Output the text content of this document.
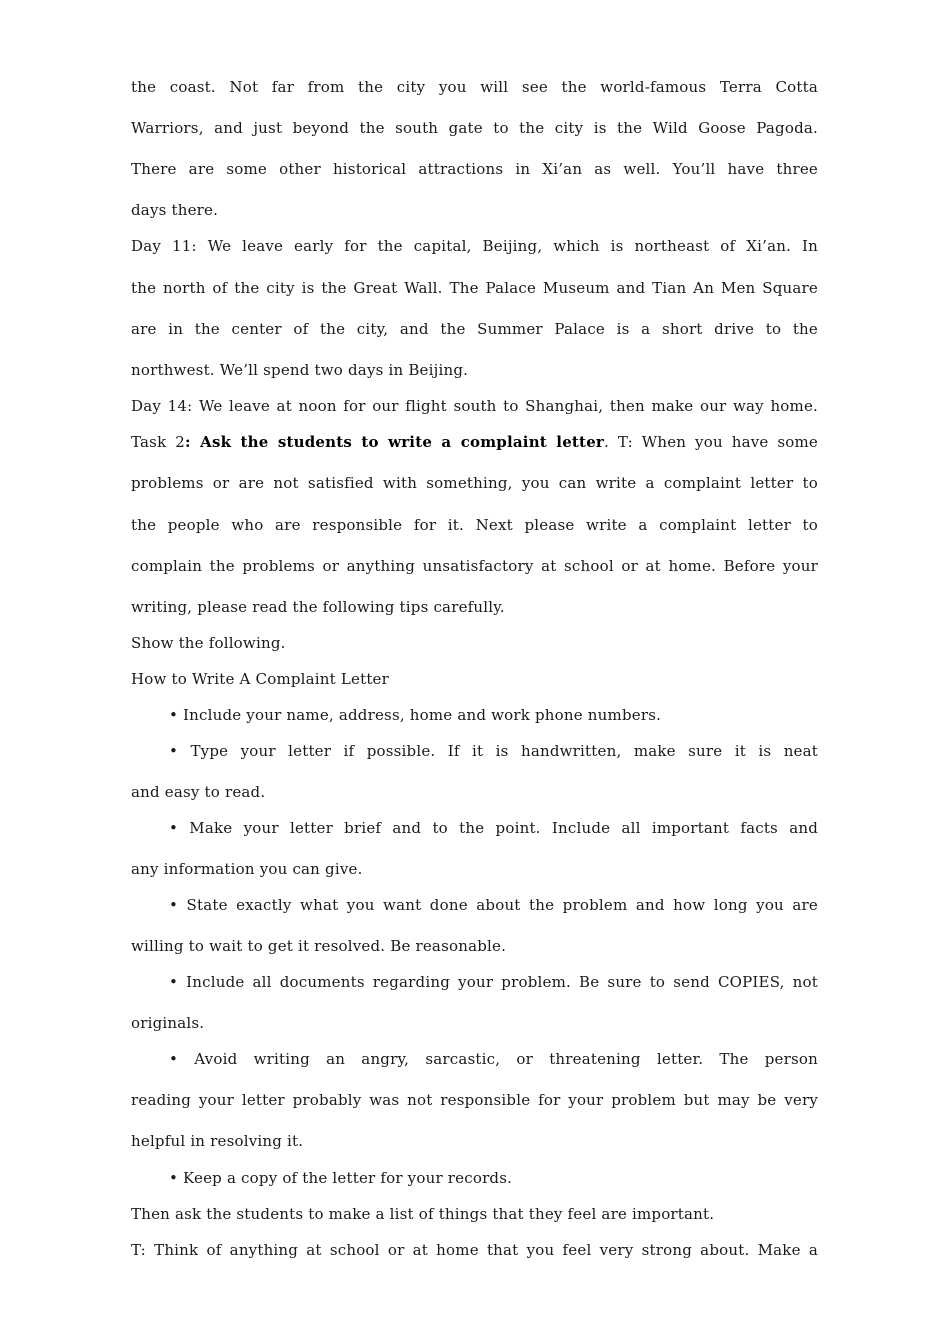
the coast. Not far from the city you will see the world-famous Terra Cotta
Warriors, and just beyond the south gate to the city is the Wild Goose Pagoda.
There are some other historical attractions in Xi’an as well. You’ll have three
days there.
Day 11: We leave early for the capital, Beijing, which is northeast of Xi’an. In
the north of the city is the Great Wall. The Palace Museum and Tian An Men Square
are in the center of the city, and the Summer Palace is a short drive to the
northwest. We’ll spend two days in Beijing.
Day 14: We leave at noon for our flight south to Shanghai, then make our way home.
Task 2: Ask the students to write a complaint letter. T: When you have some
problems or are not satisfied with something, you can write a complaint letter to
the people who are responsible for it. Next please write a complaint letter to
complain the problems or anything unsatisfactory at school or at home. Before your
writing, please read the following tips carefully.
Show the following.
How to Write A Complaint Letter
• Include your name, address, home and work phone numbers.
• Type your letter if possible. If it is handwritten, make sure it is neat
and easy to read.
• Make your letter brief and to the point. Include all important facts and
any information you can give.
• State exactly what you want done about the problem and how long you are
willing to wait to get it resolved. Be reasonable.
• Include all documents regarding your problem. Be sure to send COPIES, not
originals.
• Avoid writing an angry, sarcastic, or threatening letter. The person
reading your letter probably was not responsible for your problem but may be very
helpful in resolving it.
• Keep a copy of the letter for your records.
Then ask the students to make a list of things that they feel are important.
T: Think of anything at school or at home that you feel very strong about. Make a
